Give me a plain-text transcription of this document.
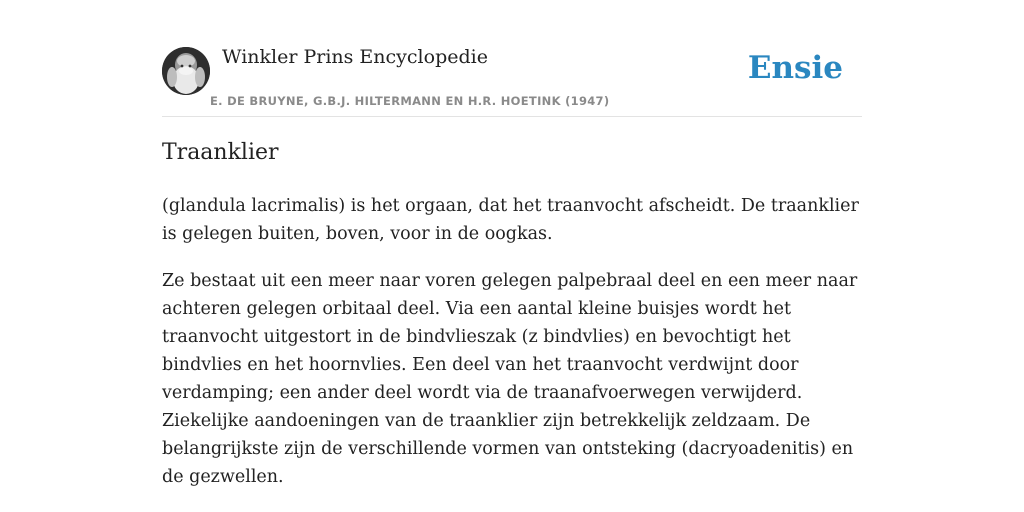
Winkler Prins Encyclopedie
E. DE BRUYNE, G.B.J. HILTERMANN EN H.R. HOETINK (1947)
Ensie
Traanklier

(glandula lacrimalis) is het orgaan, dat het traanvocht afscheidt. De traanklier is gelegen buiten, boven, voor in de oogkas.

Ze bestaat uit een meer naar voren gelegen palpebraal deel en een meer naar achteren gelegen orbitaal deel. Via een aantal kleine buisjes wordt het traanvocht uitgestort in de bindvlieszak (z bindvlies) en bevochtigt het bindvlies en het hoornvlies. Een deel van het traanvocht verdwijnt door verdamping; een ander deel wordt via de traanafvoerwegen verwijderd. Ziekelijke aandoeningen van de traanklier zijn betrekkelijk zeldzaam. De belangrijkste zijn de verschillende vormen van ontsteking (dacryoadenitis) en de gezwellen.
